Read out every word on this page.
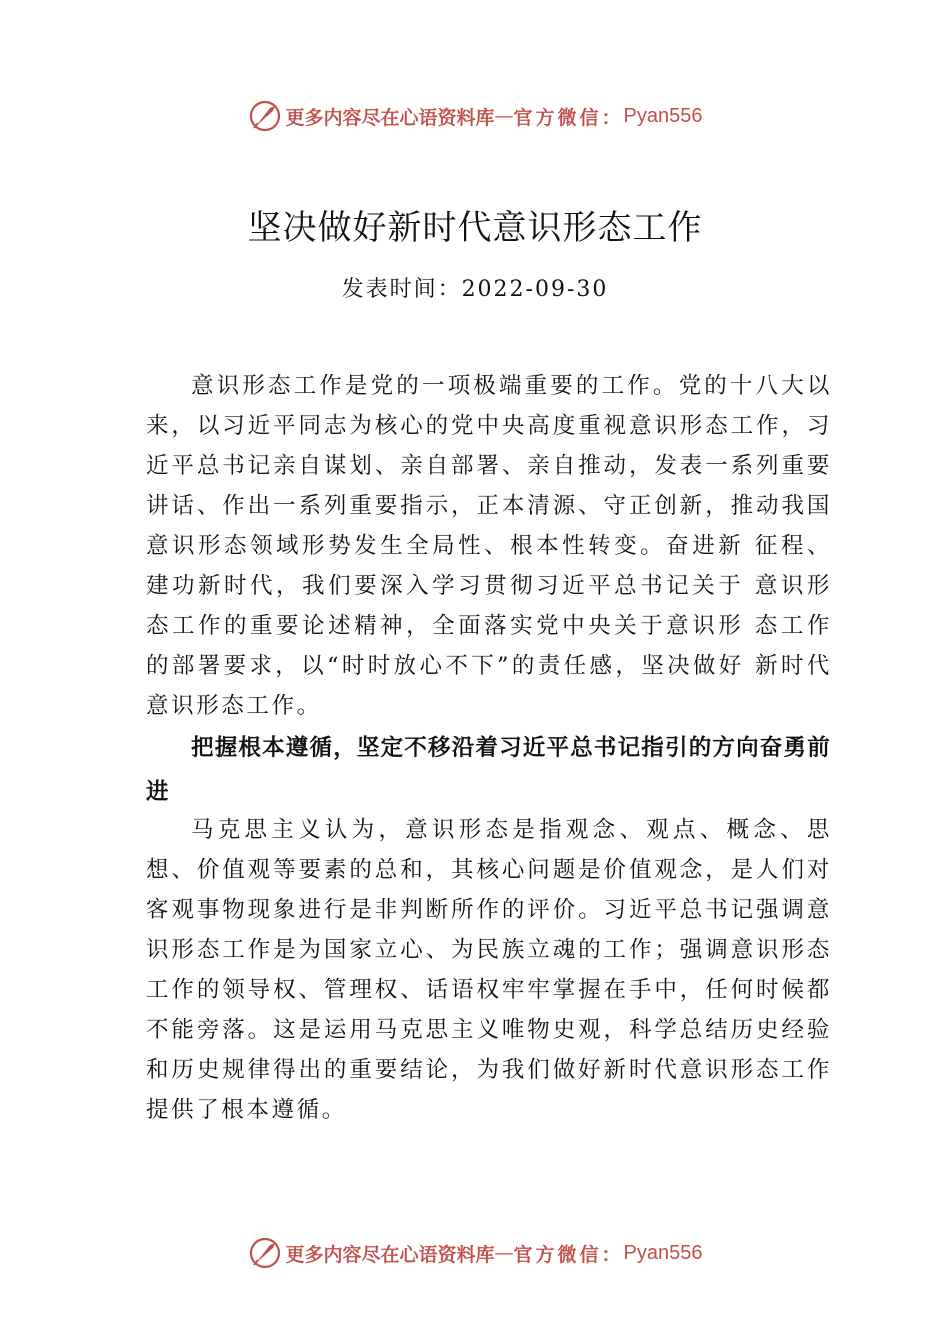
更多内容尽在心语资料库 — 官方微信： Pyan556
坚决做好新时代意识形态工作
发表时间：2022-09-30

意识形态工作是党的一项极端重要的工作。党的十八大以来，以习近平同志为核心的党中央高度重视意识形态工作，习近平总书记亲自谋划、亲自部署、亲自推动，发表一系列重要讲话、作出一系列重要指示，正本清源、守正创新，推动我国意识形态领域形势发生全局性、根本性转变。奋进新 征程、建功新时代，我们要深入学习贯彻习近平总书记关于 意识形态工作的重要论述精神，全面落实党中央关于意识形 态工作的部署要求，以“时时放心不下”的责任感，坚决做好 新时代意识形态工作。

把握根本遵循，坚定不移沿着习近平总书记指引的方向奋勇前进

马克思主义认为，意识形态是指观念、观点、概念、思想、价值观等要素的总和，其核心问题是价值观念，是人们对客观事物现象进行是非判断所作的评价。习近平总书记强调意识形态工作是为国家立心、为民族立魂的工作；强调意识形态工作的领导权、管理权、话语权牢牢掌握在手中，任何时候都不能旁落。这是运用马克思主义唯物史观，科学总结历史经验和历史规律得出的重要结论，为我们做好新时代意识形态工作提供了根本遵循。

更多内容尽在心语资料库 — 官方微信： Pyan556
